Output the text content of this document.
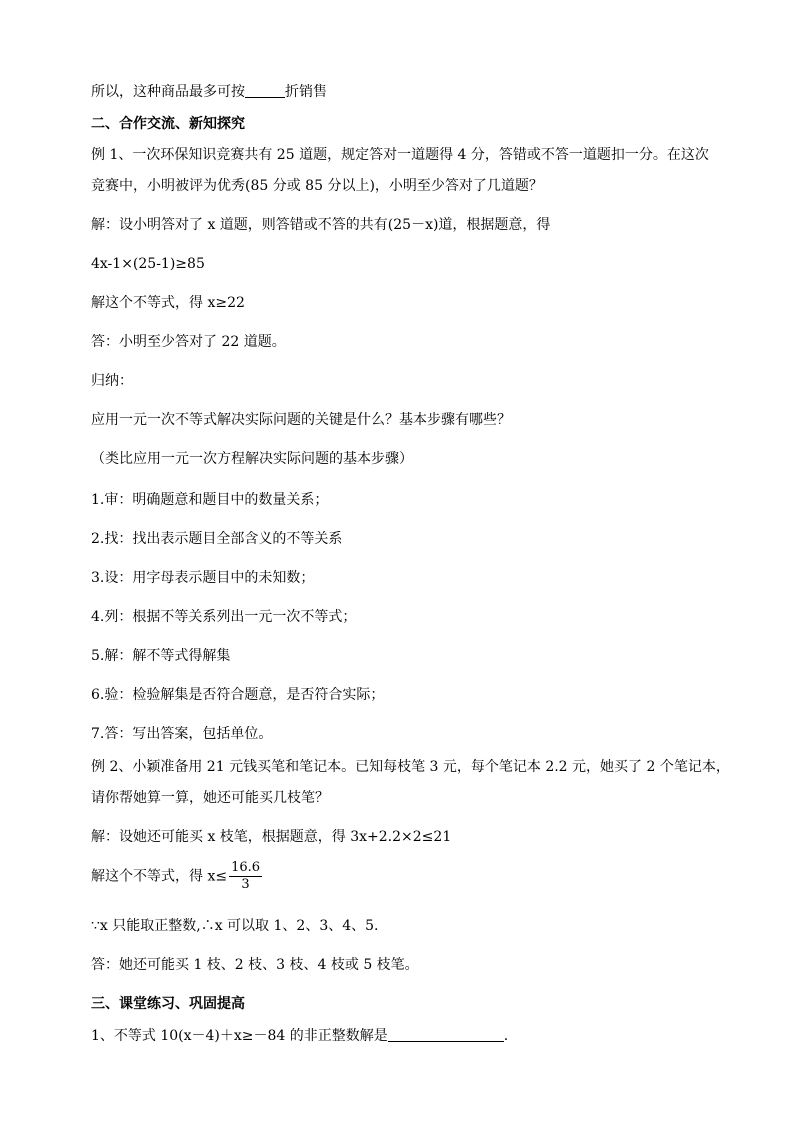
所以，这种商品最多可按	折销售
二、合作交流、新知探究
例 1、一次环保知识竞赛共有 25 道题，规定答对一道题得 4 分，答错或不答一道题扣一分。在这次
竞赛中，小明被评为优秀(85 分或 85 分以上)，小明至少答对了几道题？
解：设小明答对了 x 道题，则答错或不答的共有(25－x)道，根据题意，得
4x-1×(25-1)≥85
解这个不等式，得 x≥22
答：小明至少答对了 22 道题。
归纳：
应用一元一次不等式解决实际问题的关键是什么？基本步骤有哪些？
（类比应用一元一次方程解决实际问题的基本步骤）
1.审：明确题意和题目中的数量关系；
2.找：找出表示题目全部含义的不等关系
3.设：用字母表示题目中的未知数；
4.列：根据不等关系列出一元一次不等式；
5.解：解不等式得解集
6.验：检验解集是否符合题意，是否符合实际；
7.答：写出答案，包括单位。
例 2、小颖准备用 21 元钱买笔和笔记本。已知每枝笔 3 元，每个笔记本 2.2 元，她买了 2 个笔记本，
请你帮她算一算，她还可能买几枝笔？
解：设她还可能买 x 枝笔，根据题意，得 3x+2.2×2≤21
解这个不等式，得 $x\le \frac{16.6}{3}$
∵x 只能取正整数,∴x 可以取 1、2、3、4、5.
答：她还可能买 1 枝、2 枝、3 枝、4 枝或 5 枝笔。
三、课堂练习、巩固提高
1、不等式 10(x－4)＋x≥－84 的非正整数解是	.
